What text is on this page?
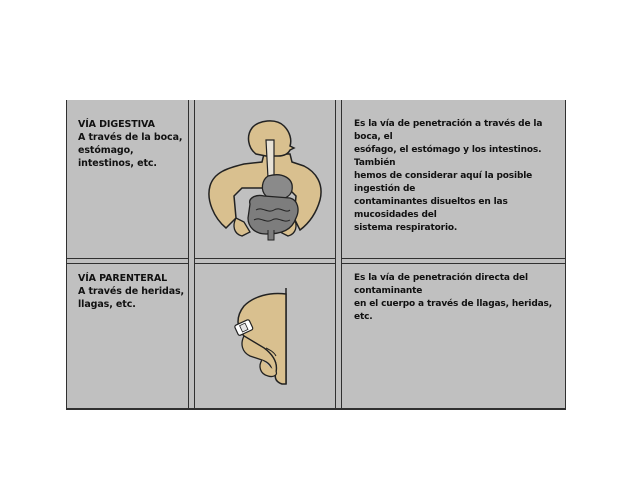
VÍA DIGESTIVA
A través de la boca,
estómago,
intestinos, etc.
Es la vía de penetración a través de la boca, el
esófago, el estómago y los intestinos. También
hemos de considerar aquí la posible ingestión de
contaminantes disueltos en las mucosidades del
sistema respiratorio.
VÍA PARENTERAL
A través de heridas,
llagas, etc.
Es la vía de penetración directa del contaminante
en el cuerpo a través de llagas, heridas, etc.
